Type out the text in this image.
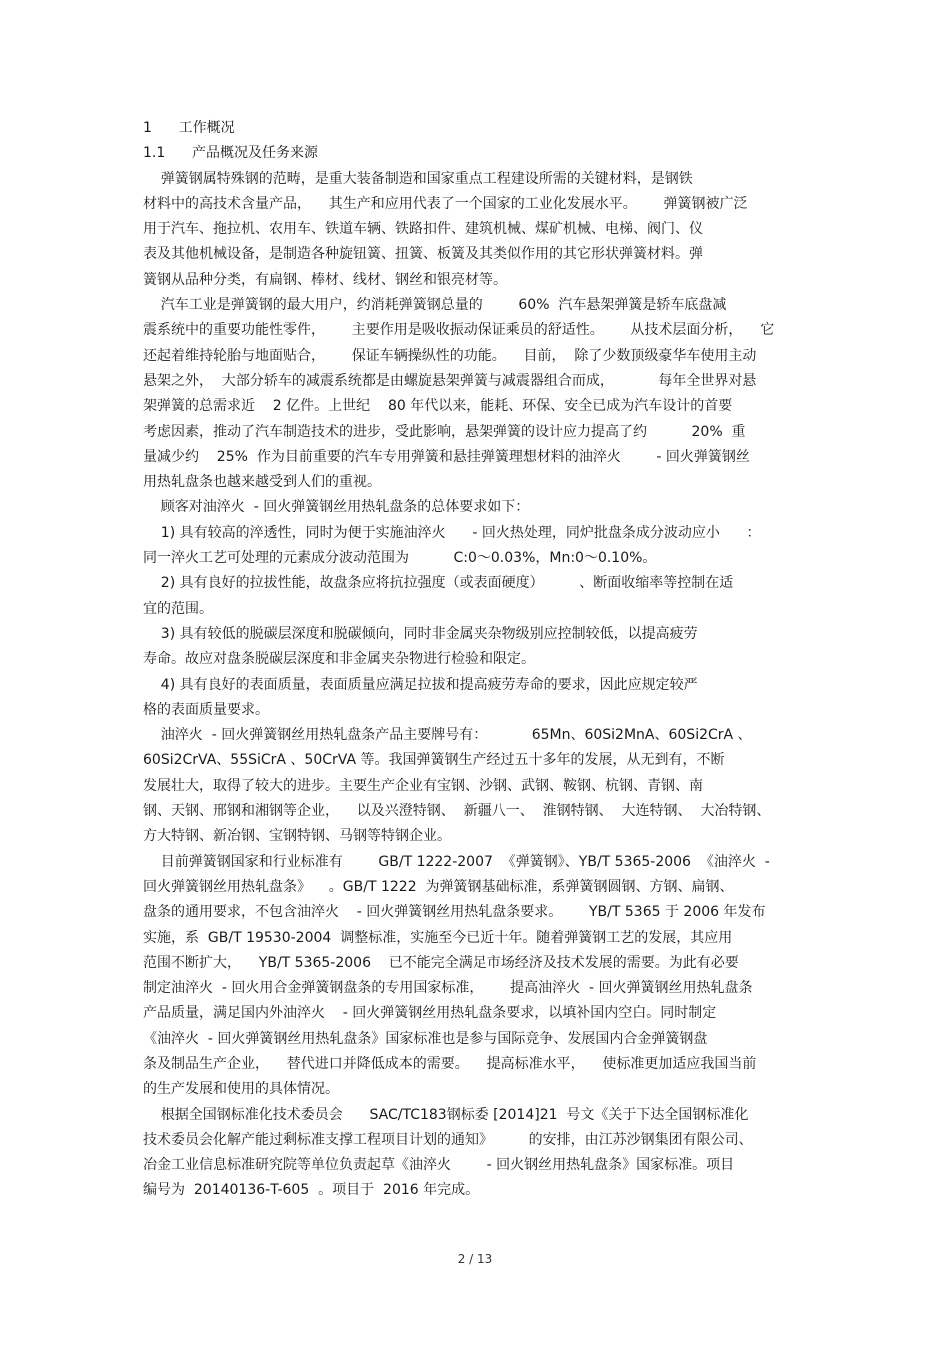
1      工作概况
1.1      产品概况及任务来源
弹簧钢属特殊钢的范畴，是重大装备制造和国家重点工程建设所需的关键材料，是钢铁
材料中的高技术含量产品，    其生产和应用代表了一个国家的工业化发展水平。      弹簧钢被广泛
用于汽车、拖拉机、农用车、铁道车辆、铁路扣件、建筑机械、煤矿机械、电梯、阀门、仪
表及其他机械设备，是制造各种旋钮簧、扭簧、板簧及其类似作用的其它形状弹簧材料。弹
簧钢从品种分类，有扁钢、棒材、线材、钢丝和银亮材等。
汽车工业是弹簧钢的最大用户，约消耗弹簧钢总量的        60%  汽车悬架弹簧是轿车底盘减
震系统中的重要功能性零件，      主要作用是吸收振动保证乘员的舒适性。      从技术层面分析，    它
还起着维持轮胎与地面贴合，      保证车辆操纵性的功能。    目前，  除了少数顶级豪华车使用主动
悬架之外，  大部分轿车的减震系统都是由螺旋悬架弹簧与减震器组合而成，          每年全世界对悬
架弹簧的总需求近    2 亿件。上世纪    80 年代以来，能耗、环保、安全已成为汽车设计的首要
考虑因素，推动了汽车制造技术的进步，受此影响，悬架弹簧的设计应力提高了约          20%  重
量减少约    25%  作为目前重要的汽车专用弹簧和悬挂弹簧理想材料的油淬火        - 回火弹簧钢丝
用热轧盘条也越来越受到人们的重视。
顾客对油淬火  - 回火弹簧钢丝用热轧盘条的总体要求如下：
1) 具有较高的淬透性，同时为便于实施油淬火      - 回火热处理，同炉批盘条成分波动应小      ：
同一淬火工艺可处理的元素成分波动范围为          C:0～0.03%，Mn:0～0.10%。
2) 具有良好的拉拔性能，故盘条应将抗拉强度（或表面硬度）        、断面收缩率等控制在适
宜的范围。
3) 具有较低的脱碳层深度和脱碳倾向，同时非金属夹杂物级别应控制较低，以提高疲劳
寿命。故应对盘条脱碳层深度和非金属夹杂物进行检验和限定。
4) 具有良好的表面质量，表面质量应满足拉拔和提高疲劳寿命的要求，因此应规定较严
格的表面质量要求。
油淬火  - 回火弹簧钢丝用热轧盘条产品主要牌号有：          65Mn、60Si2MnA、60Si2CrA 、
60Si2CrVA、55SiCrA 、50CrVA 等。我国弹簧钢生产经过五十多年的发展，从无到有，不断
发展壮大，取得了较大的进步。主要生产企业有宝钢、沙钢、武钢、鞍钢、杭钢、青钢、南
钢、天钢、邢钢和湘钢等企业，    以及兴澄特钢、  新疆八一、  淮钢特钢、  大连特钢、  大冶特钢、
方大特钢、新冶钢、宝钢特钢、马钢等特钢企业。
目前弹簧钢国家和行业标准有        GB/T 1222-2007  《弹簧钢》、YB/T 5365-2006  《油淬火  -
回火弹簧钢丝用热轧盘条》    。GB/T 1222  为弹簧钢基础标准，系弹簧钢圆钢、方钢、扁钢、
盘条的通用要求，不包含油淬火    - 回火弹簧钢丝用热轧盘条要求。      YB/T 5365 于 2006 年发布
实施，系  GB/T 19530-2004  调整标准，实施至今已近十年。随着弹簧钢工艺的发展，其应用
范围不断扩大，    YB/T 5365-2006    已不能完全满足市场经济及技术发展的需要。为此有必要
制定油淬火  - 回火用合金弹簧钢盘条的专用国家标准，      提高油淬火  - 回火弹簧钢丝用热轧盘条
产品质量，满足国内外油淬火    - 回火弹簧钢丝用热轧盘条要求，以填补国内空白。同时制定
《油淬火  - 回火弹簧钢丝用热轧盘条》国家标准也是参与国际竞争、发展国内合金弹簧钢盘
条及制品生产企业，    替代进口并降低成本的需要。    提高标准水平，    使标准更加适应我国当前
的生产发展和使用的具体情况。
根据全国钢标准化技术委员会      SAC/TC183钢标委 [2014]21  号文《关于下达全国钢标准化
技术委员会化解产能过剩标准支撑工程项目计划的通知》        的安排，由江苏沙钢集团有限公司、
冶金工业信息标准研究院等单位负责起草《油淬火        - 回火钢丝用热轧盘条》国家标准。项目
编号为  20140136-T-605  。项目于  2016 年完成。
2 / 13
